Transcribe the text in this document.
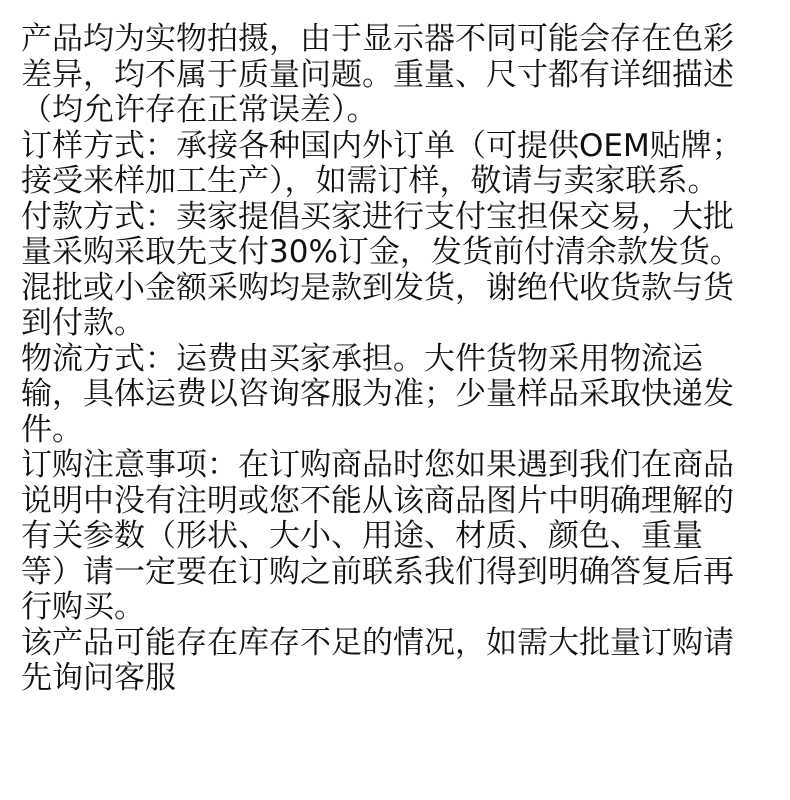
产品均为实物拍摄，由于显示器不同可能会存在色彩
差异，均不属于质量问题。重量、尺寸都有详细描述
（均允许存在正常误差）。
订样方式：承接各种国内外订单（可提供OEM贴牌；
接受来样加工生产），如需订样，敬请与卖家联系。
付款方式：卖家提倡买家进行支付宝担保交易，大批
量采购采取先支付30%订金，发货前付清余款发货。
混批或小金额采购均是款到发货，谢绝代收货款与货
到付款。
物流方式：运费由买家承担。大件货物采用物流运
输，具体运费以咨询客服为准；少量样品采取快递发
件。
订购注意事项：在订购商品时您如果遇到我们在商品
说明中没有注明或您不能从该商品图片中明确理解的
有关参数（形状、大小、用途、材质、颜色、重量
等）请一定要在订购之前联系我们得到明确答复后再
行购买。
该产品可能存在库存不足的情况，如需大批量订购请
先询问客服
